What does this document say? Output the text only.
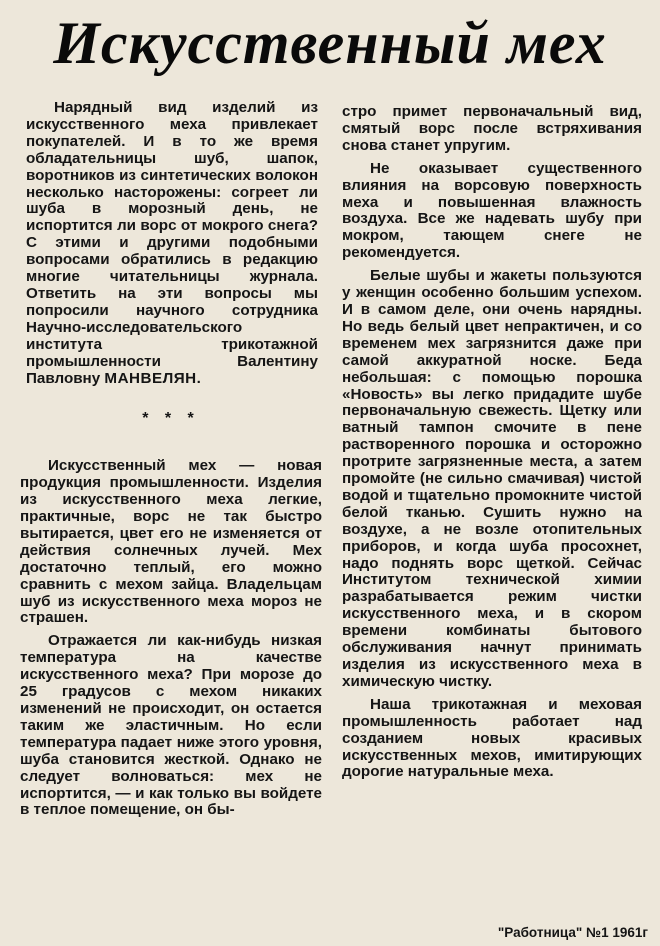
Искусственный мех

Нарядный вид изделий из искусственного меха привлекает покупателей. И в то же время обладательницы шуб, шапок, воротников из синтетических волокон несколько насторожены: согреет ли шуба в морозный день, не испортится ли ворс от мокрого снега? С этими и другими подобными вопросами обратились в редакцию многие читательницы журнала. Ответить на эти вопросы мы попросили научного сотрудника Научно-исследовательского института трикотажной промышленности Валентину Павловну МАНВЕЛЯН.

* * *

Искусственный мех — новая продукция промышленности. Изделия из искусственного меха легкие, практичные, ворс не так быстро вытирается, цвет его не изменяется от действия солнечных лучей. Мех достаточно теплый, его можно сравнить с мехом зайца. Владельцам шуб из искусственного меха мороз не страшен.

Отражается ли как-нибудь низкая температура на качестве искусственного меха? При морозе до 25 градусов с мехом никаких изменений не происходит, он остается таким же эластичным. Но если температура падает ниже этого уровня, шуба становится жесткой. Однако не следует волноваться: мех не испортится, — и как только вы войдете в теплое помещение, он бы-

стро примет первоначальный вид, смятый ворс после встряхивания снова станет упругим.

Не оказывает существенного влияния на ворсовую поверхность меха и повышенная влажность воздуха. Все же надевать шубу при мокром, тающем снеге не рекомендуется.

Белые шубы и жакеты пользуются у женщин особенно большим успехом. И в самом деле, они очень нарядны. Но ведь белый цвет непрактичен, и со временем мех загрязнится даже при самой аккуратной носке. Беда небольшая: с помощью порошка «Новость» вы легко придадите шубе первоначальную свежесть. Щетку или ватный тампон смочите в пене растворенного порошка и осторожно протрите загрязненные места, а затем промойте (не сильно смачивая) чистой водой и тщательно промокните чистой белой тканью. Сушить нужно на воздухе, а не возле отопительных приборов, и когда шуба просохнет, надо поднять ворс щеткой. Сейчас Институтом технической химии разрабатывается режим чистки искусственного меха, и в скором времени комбинаты бытового обслуживания начнут принимать изделия из искусственного меха в химическую чистку.

Наша трикотажная и меховая промышленность работает над созданием новых красивых искусственных мехов, имитирующих дорогие натуральные меха.

"Работница" №1 1961г
